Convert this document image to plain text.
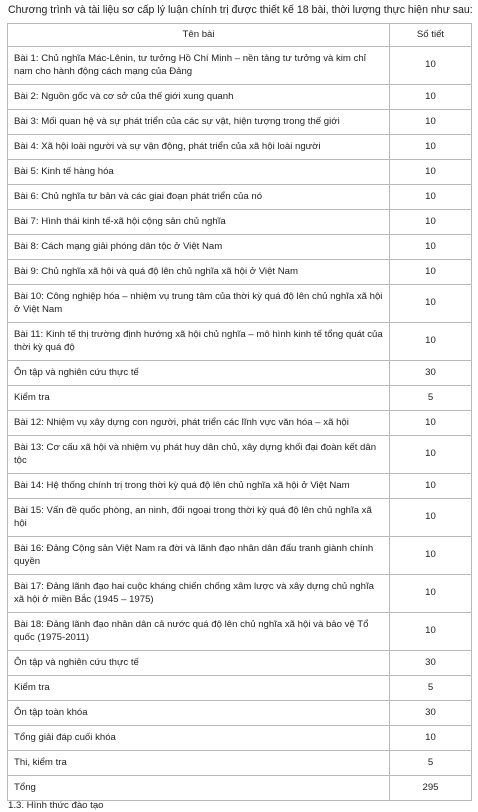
Chương trình và tài liệu sơ cấp lý luận chính trị được thiết kế 18 bài, thời lượng thực hiện như sau:
Tên bài	Số tiết
Bài 1: Chủ nghĩa Mác-Lênin, tư tưởng Hồ Chí Minh – nền tảng tư tưởng và kim chỉ nam cho hành động cách mạng của Đảng	10
Bài 2: Nguồn gốc và cơ sở của thế giới xung quanh	10
Bài 3: Mối quan hệ và sự phát triển của các sự vật, hiện tượng trong thế giới	10
Bài 4: Xã hội loài người và sự vận động, phát triển của xã hội loài người	10
Bài 5: Kinh tế hàng hóa	10
Bài 6: Chủ nghĩa tư bản và các giai đoạn phát triển của nó	10
Bài 7: Hình thái kinh tế-xã hội cộng sản chủ nghĩa	10
Bài 8: Cách mạng giải phóng dân tộc ở Việt Nam	10
Bài 9: Chủ nghĩa xã hội và quá độ lên chủ nghĩa xã hội ở Việt Nam	10
Bài 10: Công nghiệp hóa – nhiệm vụ trung tâm của thời kỳ quá độ lên chủ nghĩa xã hội ở Việt Nam	10
Bài 11: Kinh tế thị trường định hướng xã hội chủ nghĩa – mô hình kinh tế tổng quát của thời kỳ quá độ	10
Ôn tập và nghiên cứu thực tế	30
Kiểm tra	5
Bài 12: Nhiệm vụ xây dựng con người, phát triển các lĩnh vực văn hóa – xã hội	10
Bài 13: Cơ cấu xã hội và nhiệm vụ phát huy dân chủ, xây dựng khối đại đoàn kết dân tộc	10
Bài 14: Hệ thống chính trị trong thời kỳ quá độ lên chủ nghĩa xã hội ở Việt Nam	10
Bài 15: Vấn đề quốc phòng, an ninh, đối ngoại trong thời kỳ quá độ lên chủ nghĩa xã hội	10
Bài 16: Đảng Cộng sản Việt Nam ra đời và lãnh đạo nhân dân đấu tranh giành chính quyền	10
Bài 17: Đảng lãnh đạo hai cuộc kháng chiến chống xâm lược và xây dựng chủ nghĩa xã hội ở miền Bắc (1945 – 1975)	10
Bài 18: Đảng lãnh đạo nhân dân cả nước quá độ lên chủ nghĩa xã hội và bảo vệ Tổ quốc (1975-2011)	10
Ôn tập và nghiên cứu thực tế	30
Kiểm tra	5
Ôn tập toàn khóa	30
Tổng giải đáp cuối khóa	10
Thi, kiểm tra	5
Tổng	295
1.3. Hình thức đào tạo
